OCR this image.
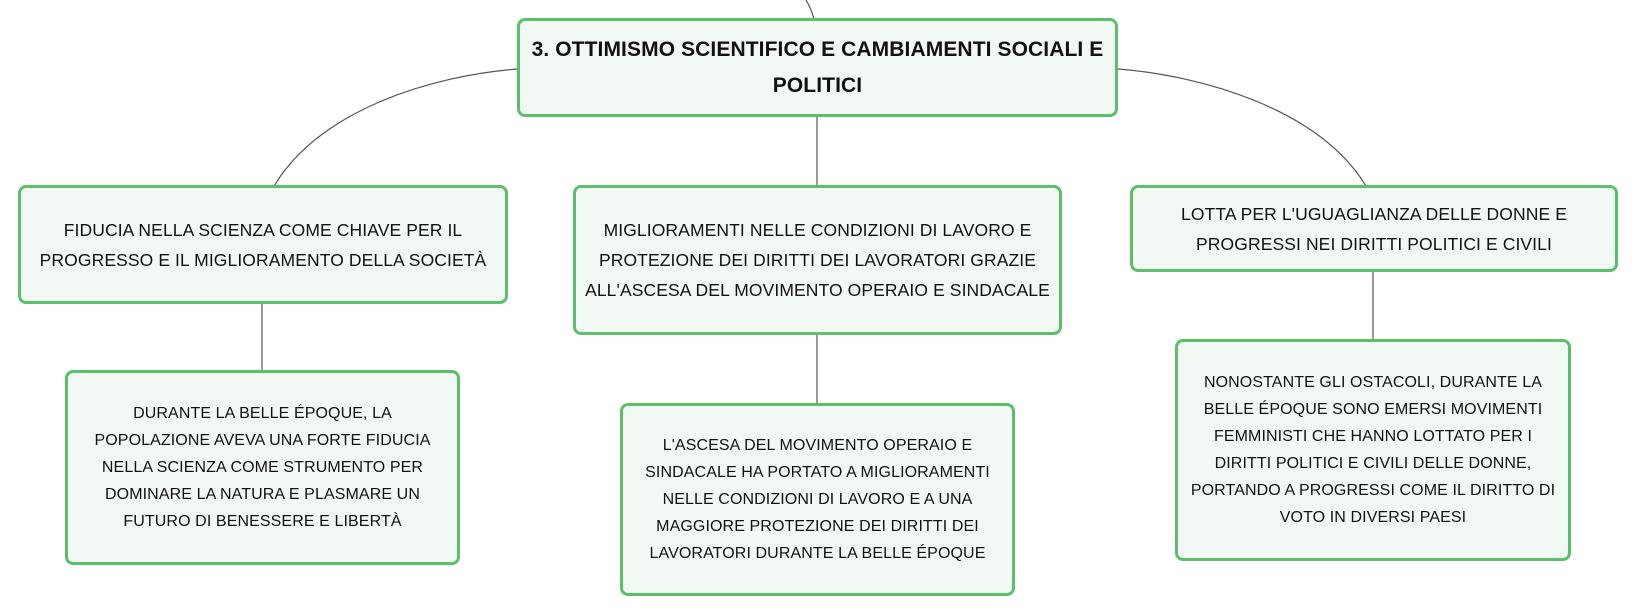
3. OTTIMISMO SCIENTIFICO E CAMBIAMENTI SOCIALI E POLITICI
FIDUCIA NELLA SCIENZA COME CHIAVE PER IL PROGRESSO E IL MIGLIORAMENTO DELLA SOCIETÀ
MIGLIORAMENTI NELLE CONDIZIONI DI LAVORO E PROTEZIONE DEI DIRITTI DEI LAVORATORI GRAZIE ALL'ASCESA DEL MOVIMENTO OPERAIO E SINDACALE
LOTTA PER L'UGUAGLIANZA DELLE DONNE E PROGRESSI NEI DIRITTI POLITICI E CIVILI
DURANTE LA BELLE ÉPOQUE, LA POPOLAZIONE AVEVA UNA FORTE FIDUCIA NELLA SCIENZA COME STRUMENTO PER DOMINARE LA NATURA E PLASMARE UN FUTURO DI BENESSERE E LIBERTÀ
L'ASCESA DEL MOVIMENTO OPERAIO E SINDACALE HA PORTATO A MIGLIORAMENTI NELLE CONDIZIONI DI LAVORO E A UNA MAGGIORE PROTEZIONE DEI DIRITTI DEI LAVORATORI DURANTE LA BELLE ÉPOQUE
NONOSTANTE GLI OSTACOLI, DURANTE LA BELLE ÉPOQUE SONO EMERSI MOVIMENTI FEMMINISTI CHE HANNO LOTTATO PER I DIRITTI POLITICI E CIVILI DELLE DONNE, PORTANDO A PROGRESSI COME IL DIRITTO DI VOTO IN DIVERSI PAESI
